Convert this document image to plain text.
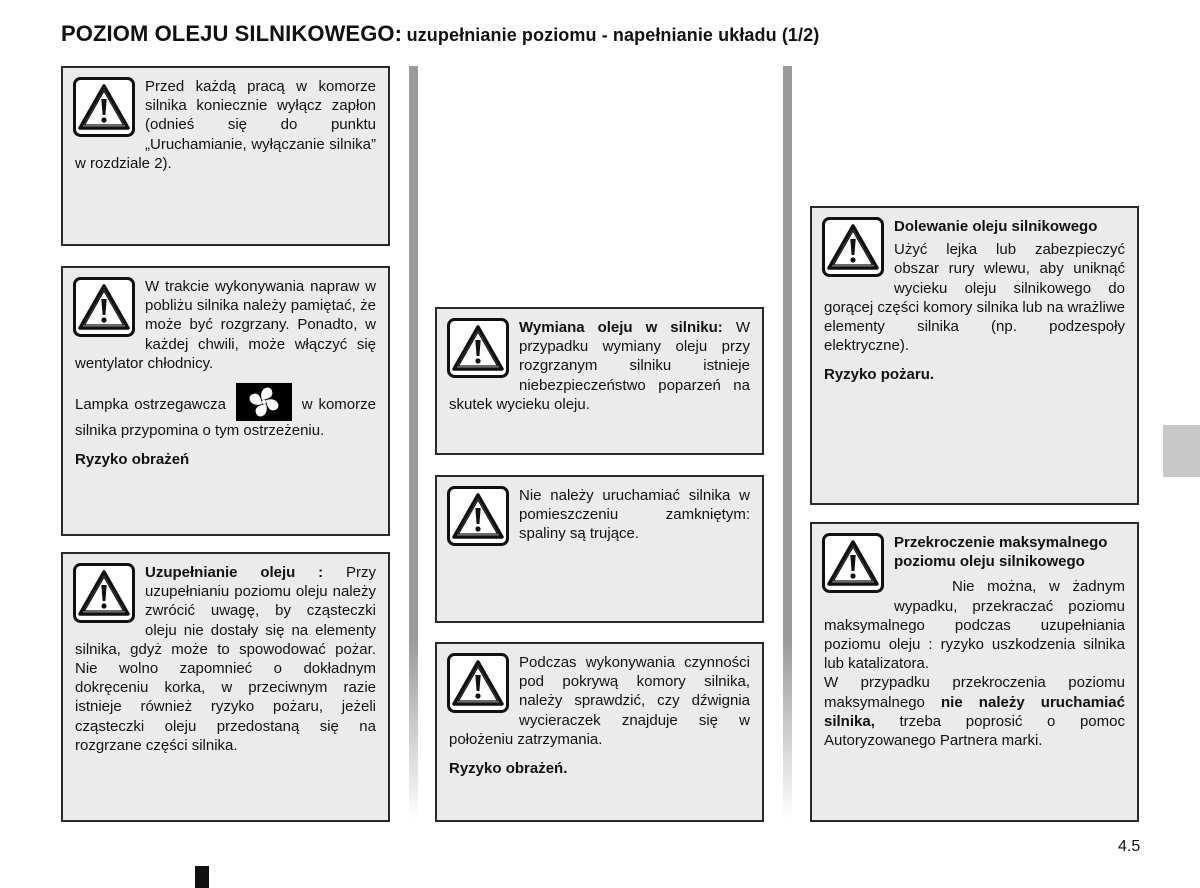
POZIOM OLEJU SILNIKOWEGO: uzupełnianie poziomu - napełnianie układu (1/2)

Przed każdą pracą w komorze silnika koniecznie wyłącz zapłon (odnieś się do punktu „Uruchamianie, wyłączanie silnika” w rozdziale 2).

W trakcie wykonywania napraw w pobliżu silnika należy pamiętać, że może być rozgrzany. Ponadto, w każdej chwili, może włączyć się wentylator chłodnicy.

Lampka ostrzegawcza	w komorze silnika przypomina o tym ostrzeżeniu.

Ryzyko obrażeń

Uzupełnianie oleju : Przy uzupełnianiu poziomu oleju należy zwrócić uwagę, by cząsteczki oleju nie dostały się na elementy silnika, gdyż może to spowodować pożar. Nie wolno zapomnieć o dokładnym dokręceniu korka, w przeciwnym razie istnieje również ryzyko pożaru, jeżeli cząsteczki oleju przedostaną się na rozgrzane części silnika.

Wymiana oleju w silniku: W przypadku wymiany oleju przy rozgrzanym silniku istnieje niebezpieczeństwo poparzeń na skutek wycieku oleju.

Nie należy uruchamiać silnika w pomieszczeniu zamkniętym: spaliny są trujące.

Podczas wykonywania czynności pod pokrywą komory silnika, należy sprawdzić, czy dźwignia wycieraczek znajduje się w położeniu zatrzymania.

Ryzyko obrażeń.

Dolewanie oleju silnikowego

Użyć lejka lub zabezpieczyć obszar rury wlewu, aby uniknąć wycieku oleju silnikowego do gorącej części komory silnika lub na wrażliwe elementy silnika (np. podzespoły elektryczne).

Ryzyko pożaru.

Przekroczenie maksymalnego poziomu oleju silnikowego

Nie można, w żadnym wypadku, przekraczać poziomu maksymalnego podczas uzupełniania poziomu oleju : ryzyko uszkodzenia silnika lub katalizatora.

W przypadku przekroczenia poziomu maksymalnego nie należy uruchamiać silnika, trzeba poprosić o pomoc Autoryzowanego Partnera marki.

4.5
